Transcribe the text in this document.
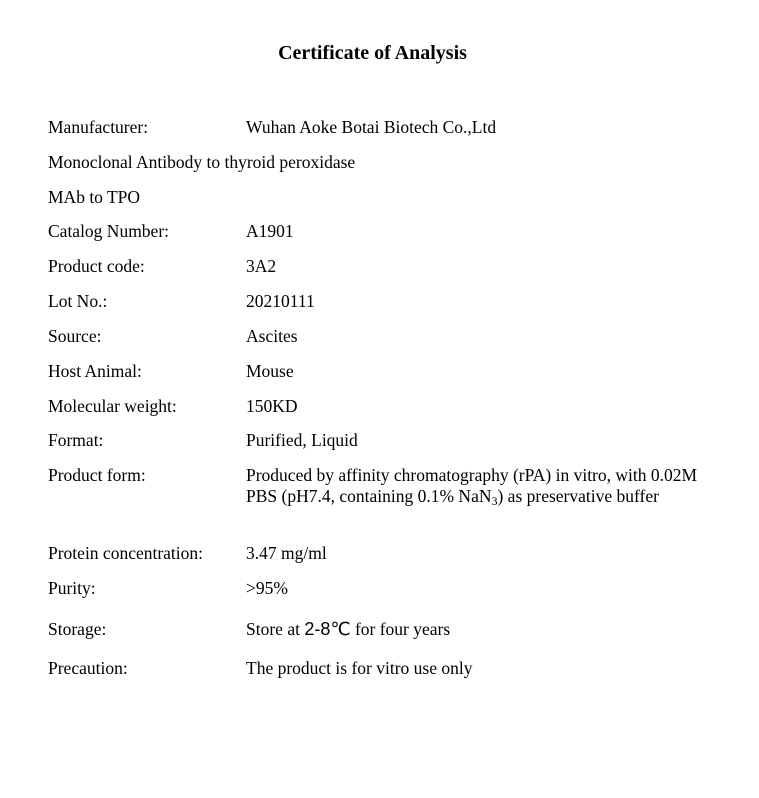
Certificate of Analysis
Manufacturer:	Wuhan Aoke Botai Biotech Co.,Ltd
Monoclonal Antibody to thyroid peroxidase
MAb to TPO
Catalog Number:	A1901
Product code:	3A2
Lot No.:	20210111
Source:	Ascites
Host Animal:	Mouse
Molecular weight:	150KD
Format:	Purified, Liquid
Product form:	Produced by affinity chromatography (rPA) in vitro, with 0.02M PBS (pH7.4, containing 0.1% NaN$_3$) as preservative buffer
Protein concentration: 3.47 mg/ml
Purity:	>95%
Storage:	Store at 2-8℃ for four years
Precaution:	The product is for vitro use only
